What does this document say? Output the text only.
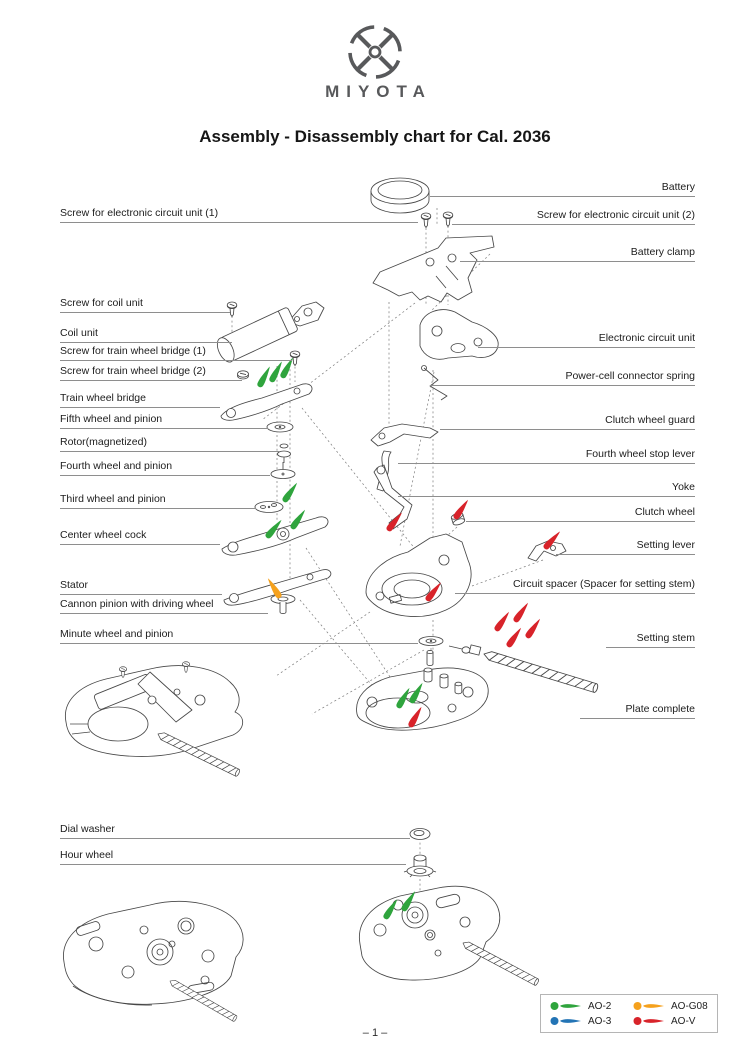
MIYOTA
Assembly - Disassembly chart for Cal. 2036
Screw for electronic circuit unit (1)
Screw for coil unit
Coil unit
Screw for train wheel bridge (1)
Screw for train wheel bridge (2)
Train wheel bridge
Fifth wheel and pinion
Rotor(magnetized)
Fourth wheel and pinion
Third wheel and pinion
Center wheel cock
Stator
Cannon pinion with driving wheel
Minute wheel and pinion
Dial washer
Hour wheel
Battery
Screw for electronic circuit unit (2)
Battery clamp
Electronic circuit unit
Power-cell connector spring
Clutch wheel guard
Fourth wheel stop lever
Yoke
Clutch wheel
Setting lever
Circuit spacer (Spacer for setting stem)
Setting stem
Plate complete
AO-2	AO-G08
AO-3	AO-V
– 1 –
